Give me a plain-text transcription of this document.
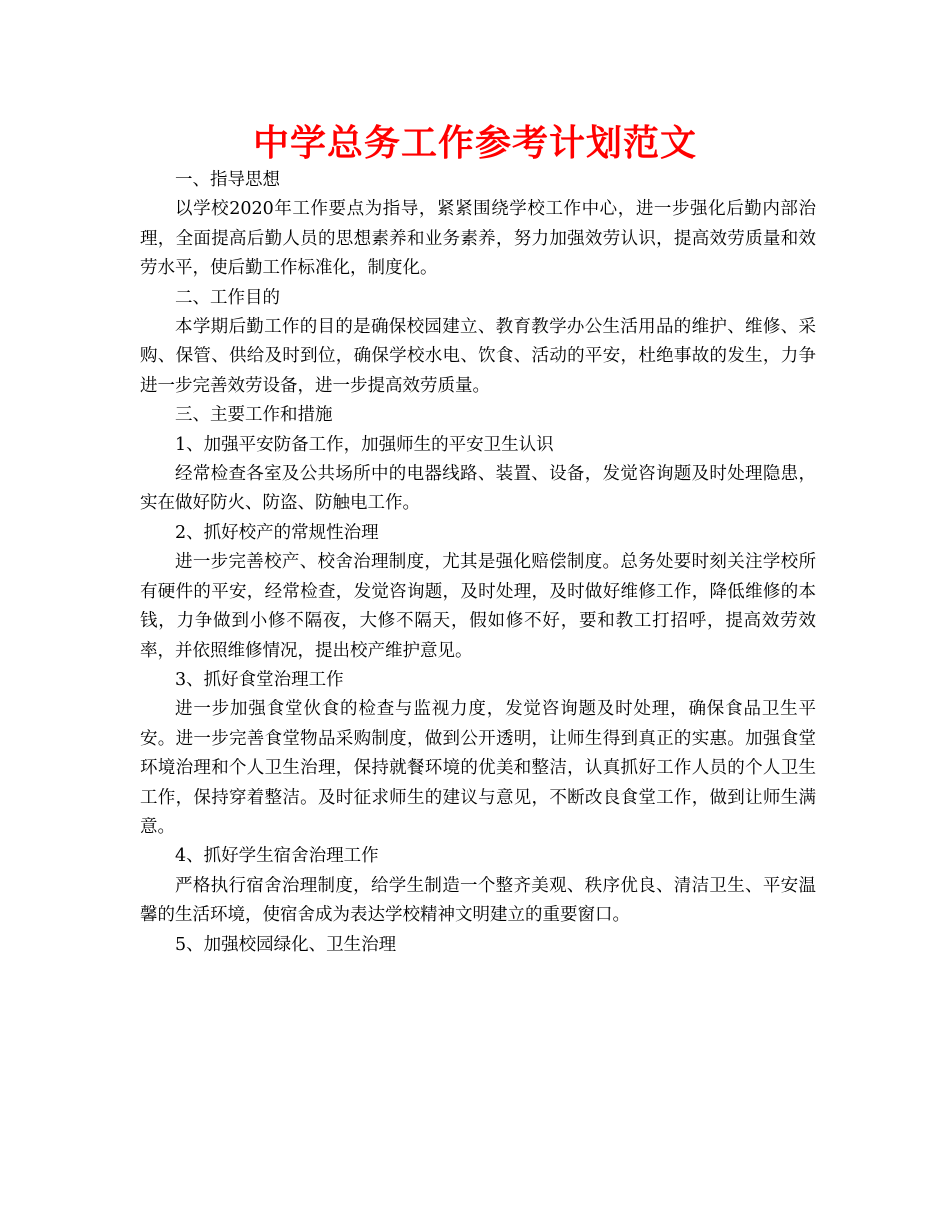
中学总务工作参考计划范文

一、指导思想

以学校2020年工作要点为指导，紧紧围绕学校工作中心，进一步强化后勤内部治理，全面提高后勤人员的思想素养和业务素养，努力加强效劳认识，提高效劳质量和效劳水平，使后勤工作标准化，制度化。

二、工作目的

本学期后勤工作的目的是确保校园建立、教育教学办公生活用品的维护、维修、采购、保管、供给及时到位，确保学校水电、饮食、活动的平安，杜绝事故的发生，力争进一步完善效劳设备，进一步提高效劳质量。

三、主要工作和措施

1、加强平安防备工作，加强师生的平安卫生认识

经常检查各室及公共场所中的电器线路、装置、设备，发觉咨询题及时处理隐患，实在做好防火、防盗、防触电工作。

2、抓好校产的常规性治理

进一步完善校产、校舍治理制度，尤其是强化赔偿制度。总务处要时刻关注学校所有硬件的平安，经常检查，发觉咨询题，及时处理，及时做好维修工作，降低维修的本钱，力争做到小修不隔夜，大修不隔天，假如修不好，要和教工打招呼，提高效劳效率，并依照维修情况，提出校产维护意见。

3、抓好食堂治理工作

进一步加强食堂伙食的检查与监视力度，发觉咨询题及时处理，确保食品卫生平安。进一步完善食堂物品采购制度，做到公开透明，让师生得到真正的实惠。加强食堂环境治理和个人卫生治理，保持就餐环境的优美和整洁，认真抓好工作人员的个人卫生工作，保持穿着整洁。及时征求师生的建议与意见，不断改良食堂工作，做到让师生满意。

4、抓好学生宿舍治理工作

严格执行宿舍治理制度，给学生制造一个整齐美观、秩序优良、清洁卫生、平安温馨的生活环境，使宿舍成为表达学校精神文明建立的重要窗口。

5、加强校园绿化、卫生治理
